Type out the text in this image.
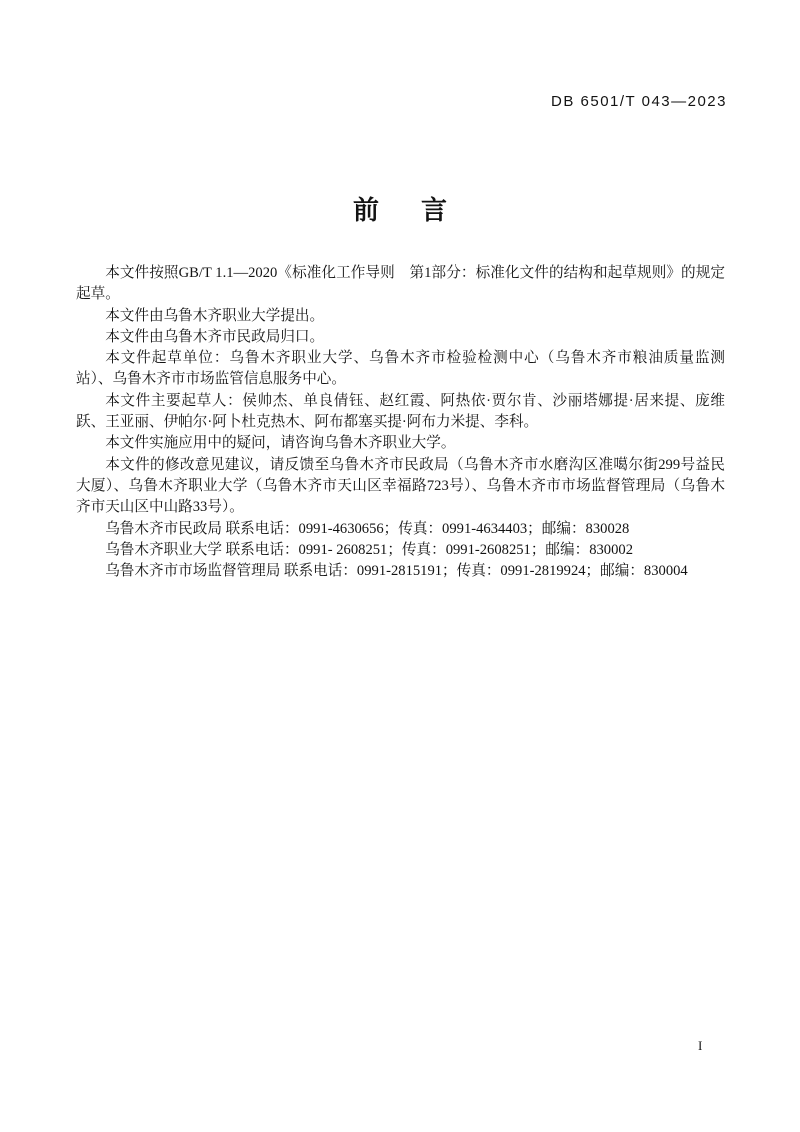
DB 6501/T 043—2023
前　言

本文件按照GB/T 1.1—2020《标准化工作导则　第1部分：标准化文件的结构和起草规则》的规定起草。

本文件由乌鲁木齐职业大学提出。

本文件由乌鲁木齐市民政局归口。

本文件起草单位：乌鲁木齐职业大学、乌鲁木齐市检验检测中心（乌鲁木齐市粮油质量监测站）、乌鲁木齐市市场监管信息服务中心。

本文件主要起草人：侯帅杰、单良倩钰、赵红霞、阿热依·贾尔肯、沙丽塔娜提·居来提、庞维跃、王亚丽、伊帕尔·阿卜杜克热木、阿布都塞买提·阿布力米提、李科。

本文件实施应用中的疑问，请咨询乌鲁木齐职业大学。

本文件的修改意见建议，请反馈至乌鲁木齐市民政局（乌鲁木齐市水磨沟区准噶尔街299号益民大厦）、乌鲁木齐职业大学（乌鲁木齐市天山区幸福路723号）、乌鲁木齐市市场监督管理局（乌鲁木齐市天山区中山路33号）。

乌鲁木齐市民政局 联系电话：0991-4630656；传真：0991-4634403；邮编：830028

乌鲁木齐职业大学 联系电话：0991- 2608251；传真：0991-2608251；邮编：830002

乌鲁木齐市市场监督管理局 联系电话：0991-2815191；传真：0991-2819924；邮编：830004

I
